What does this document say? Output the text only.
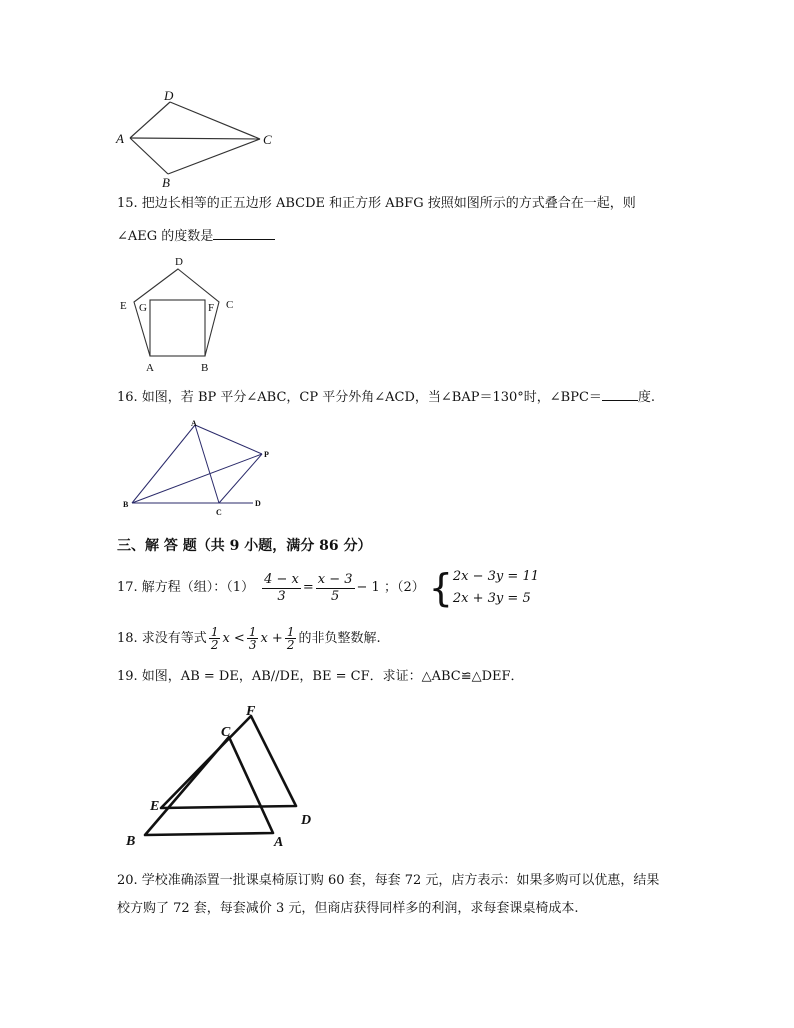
D
A	C
B
15. 把边长相等的正五边形 ABCDE 和正方形 ABFG 按照如图所示的方式叠合在一起，则
∠AEG 的度数是
D
E G	F C
A	B
16. 如图，若 BP 平分∠ABC，CP 平分外角∠ACD，当∠BAP＝130°时，∠BPC＝	度.
A
P
B
C
D
三、解 答 题（共 9 小题，满分 86 分）
17. 解方程（组）：$(1) \frac{4 - x}{3} = \frac{x - 3}{5} - 1$ ；（2） { 2x − 3y = 11
2x + 3y = 5
18. 求没有等式 $\frac{1}{2}$ $x < \frac{1}{3}$ $x + \frac{1}{2}$ 的非负整数解.
19. 如图，AB = DE，AB//DE，BE = CF．求证：△ABC≌△DEF．
F
C
E
D
B	A
20. 学校准确添置一批课桌椅原订购 60 套，每套 72 元，店方表示：如果多购可以优惠，结果
校方购了 72 套，每套减价 3 元，但商店获得同样多的利润，求每套课桌椅成本.
